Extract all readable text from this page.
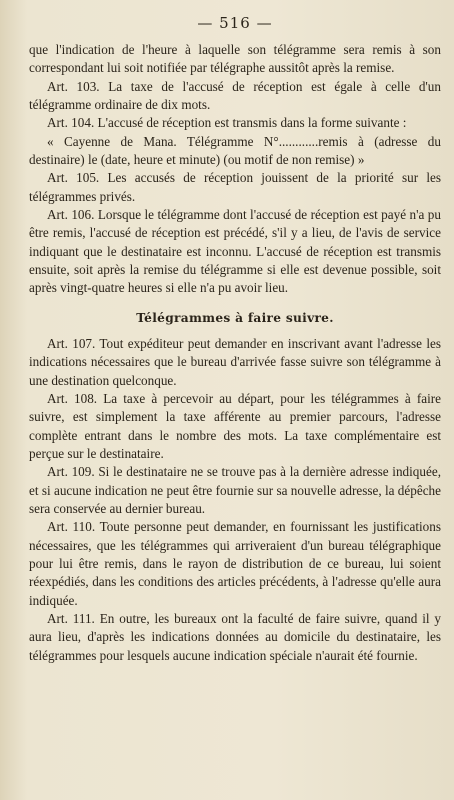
— 516 —

que l'indication de l'heure à laquelle son télégramme sera remis à son correspondant lui soit notifiée par télégraphe aussitôt après la remise.

Art. 103. La taxe de l'accusé de réception est égale à celle d'un télégramme ordinaire de dix mots.

Art. 104. L'accusé de réception est transmis dans la forme suivante :

« Cayenne de Mana. Télégramme N°............remis à (adresse du destinaire) le (date, heure et minute) (ou motif de non remise) »

Art. 105. Les accusés de réception jouissent de la priorité sur les télégrammes privés.

Art. 106. Lorsque le télégramme dont l'accusé de réception est payé n'a pu être remis, l'accusé de réception est précédé, s'il y a lieu, de l'avis de service indiquant que le destinataire est inconnu. L'accusé de réception est transmis ensuite, soit après la remise du télégramme si elle est devenue possible, soit après vingt-quatre heures si elle n'a pu avoir lieu.

Télégrammes à faire suivre.

Art. 107. Tout expéditeur peut demander en inscrivant avant l'adresse les indications nécessaires que le bureau d'arrivée fasse suivre son télégramme à une destination quelconque.

Art. 108. La taxe à percevoir au départ, pour les télégrammes à faire suivre, est simplement la taxe afférente au premier parcours, l'adresse complète entrant dans le nombre des mots. La taxe complémentaire est perçue sur le destinataire.

Art. 109. Si le destinataire ne se trouve pas à la dernière adresse indiquée, et si aucune indication ne peut être fournie sur sa nouvelle adresse, la dépêche sera conservée au dernier bureau.

Art. 110. Toute personne peut demander, en fournissant les justifications nécessaires, que les télégrammes qui arriveraient d'un bureau télégraphique pour lui être remis, dans le rayon de distribution de ce bureau, lui soient réexpédiés, dans les conditions des articles précédents, à l'adresse qu'elle aura indiquée.

Art. 111. En outre, les bureaux ont la faculté de faire suivre, quand il y aura lieu, d'après les indications données au domicile du destinataire, les télégrammes pour lesquels aucune indication spéciale n'aurait été fournie.
